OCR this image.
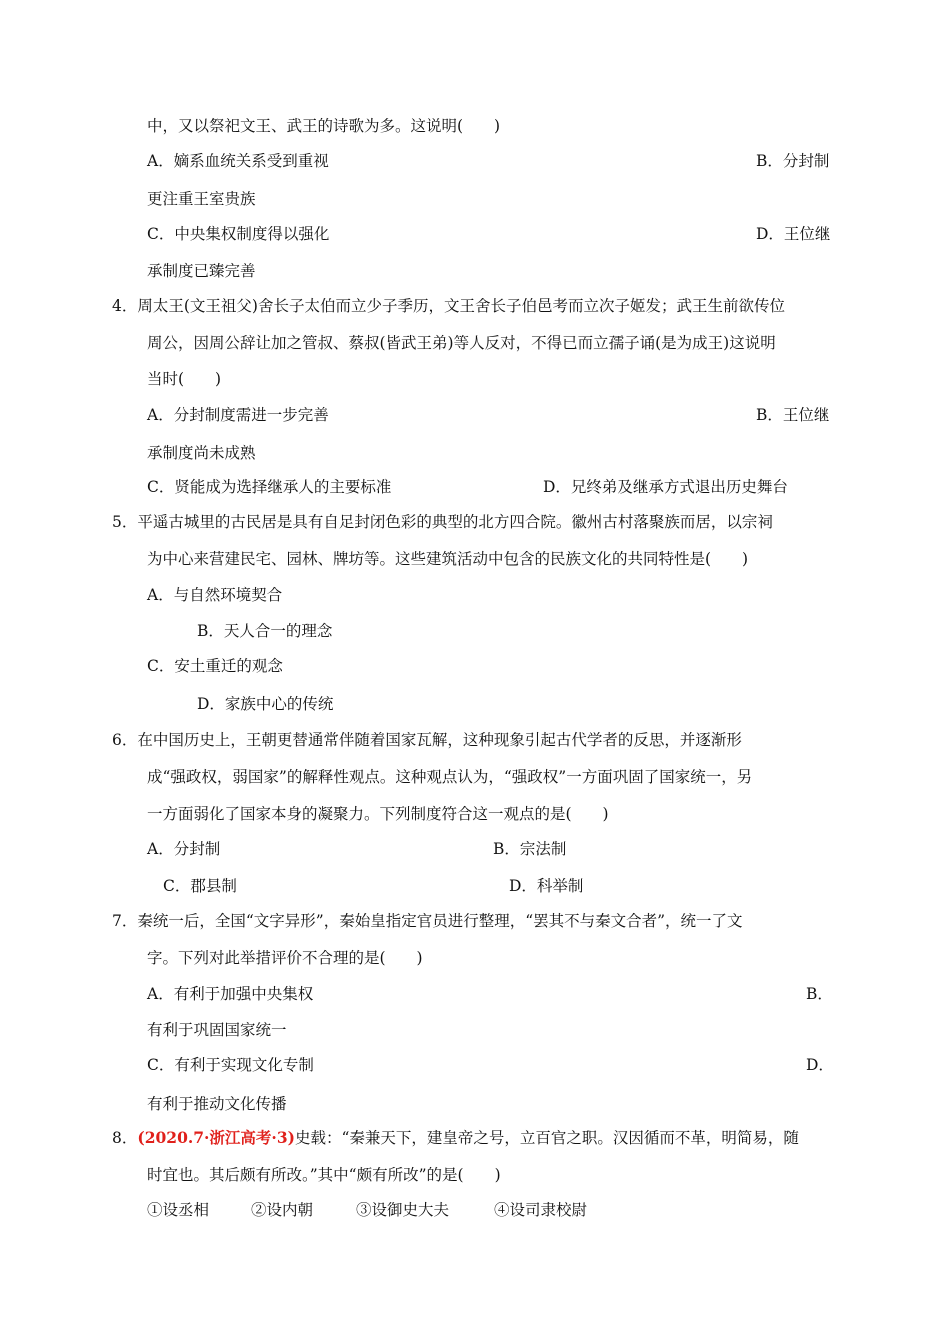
中，又以祭祀文王、武王的诗歌为多。这说明(　　)
A．嫡系血统关系受到重视	B．分封制
更注重王室贵族
C．中央集权制度得以强化	D．王位继
承制度已臻完善
4．周太王(文王祖父)舍长子太伯而立少子季历，文王舍长子伯邑考而立次子姬发；武王生前欲传位
周公，因周公辞让加之管叔、蔡叔(皆武王弟)等人反对，不得已而立孺子诵(是为成王)这说明
当时(　　)
A．分封制度需进一步完善	B．王位继
承制度尚未成熟
C．贤能成为选择继承人的主要标准	D．兄终弟及继承方式退出历史舞台
5．平遥古城里的古民居是具有自足封闭色彩的典型的北方四合院。徽州古村落聚族而居，以宗祠
为中心来营建民宅、园林、牌坊等。这些建筑活动中包含的民族文化的共同特性是(　　)
A．与自然环境契合
B．天人合一的理念
C．安土重迁的观念
D．家族中心的传统
6．在中国历史上，王朝更替通常伴随着国家瓦解，这种现象引起古代学者的反思，并逐渐形
成“强政权，弱国家”的解释性观点。这种观点认为，“强政权”一方面巩固了国家统一，另
一方面弱化了国家本身的凝聚力。下列制度符合这一观点的是(　　)
A．分封制	B．宗法制
C．郡县制	D．科举制
7．秦统一后，全国“文字异形”，秦始皇指定官员进行整理，“罢其不与秦文合者”，统一了文
字。下列对此举措评价不合理的是(　　)
A．有利于加强中央集权	B．
有利于巩固国家统一
C．有利于实现文化专制	D．
有利于推动文化传播
8．(2020.7·浙江高考·3)史载：“秦兼天下，建皇帝之号，立百官之职。汉因循而不革，明简易，随
时宜也。其后颇有所改。”其中“颇有所改”的是(　　)
①设丞相	②设内朝	③设御史大夫	④设司隶校尉
